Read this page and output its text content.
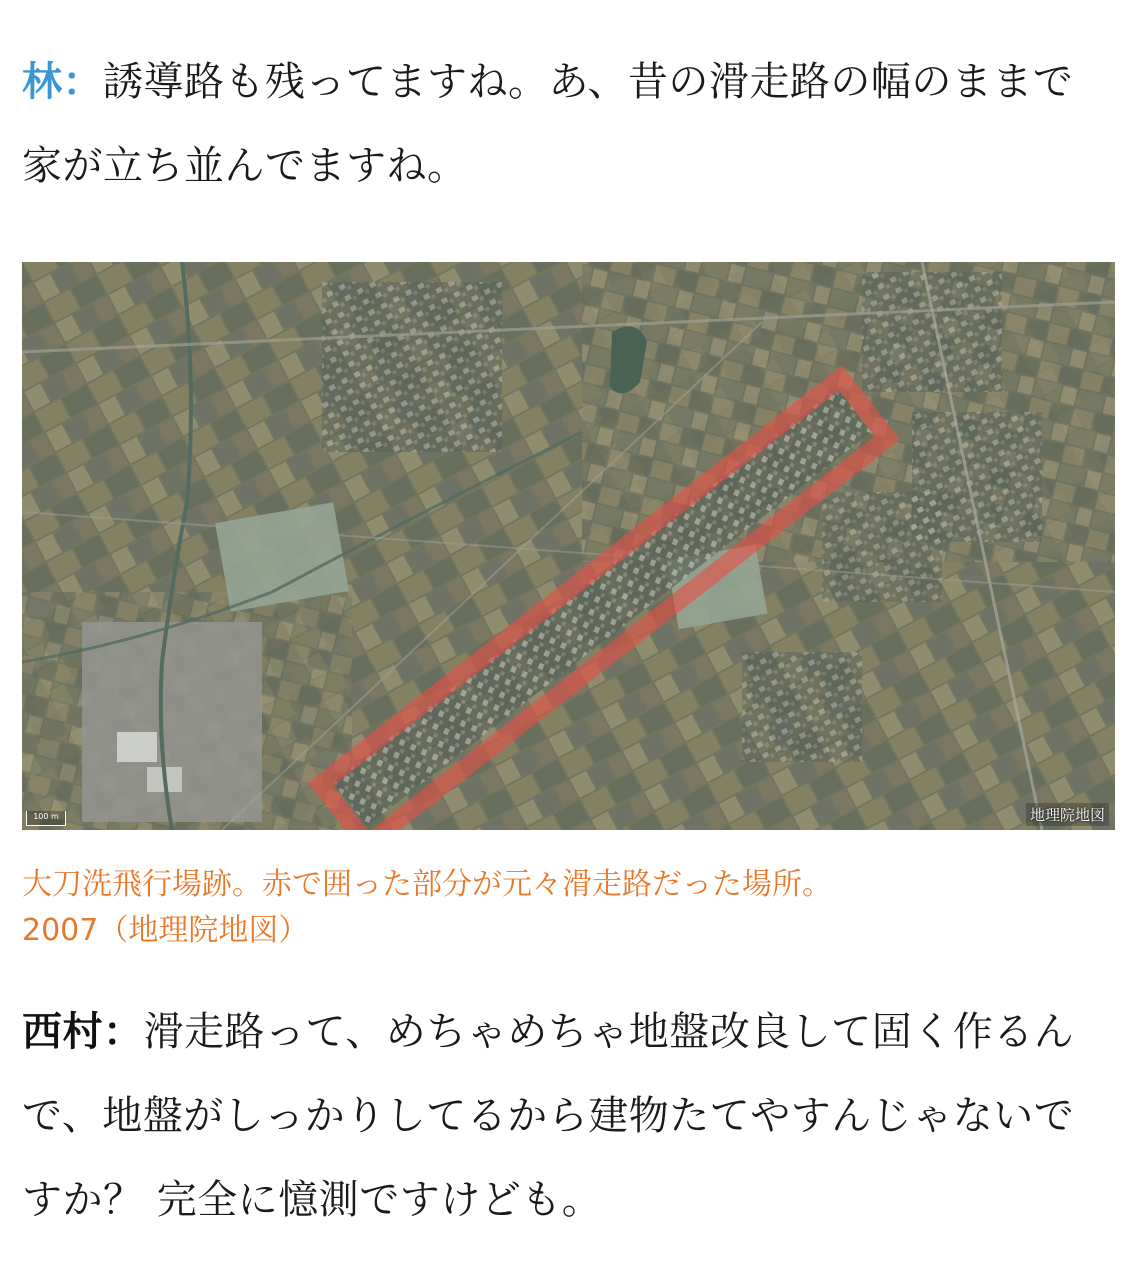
林：誘導路も残ってますね。あ、昔の滑走路の幅のままで家が立ち並んでますね。

100 m	地理院地図

大刀洗飛行場跡。赤で囲った部分が元々滑走路だった場所。
2007（地理院地図）

西村：滑走路って、めちゃめちゃ地盤改良して固く作るんで、地盤がしっかりしてるから建物たてやすんじゃないですか？ 完全に憶測ですけども。
